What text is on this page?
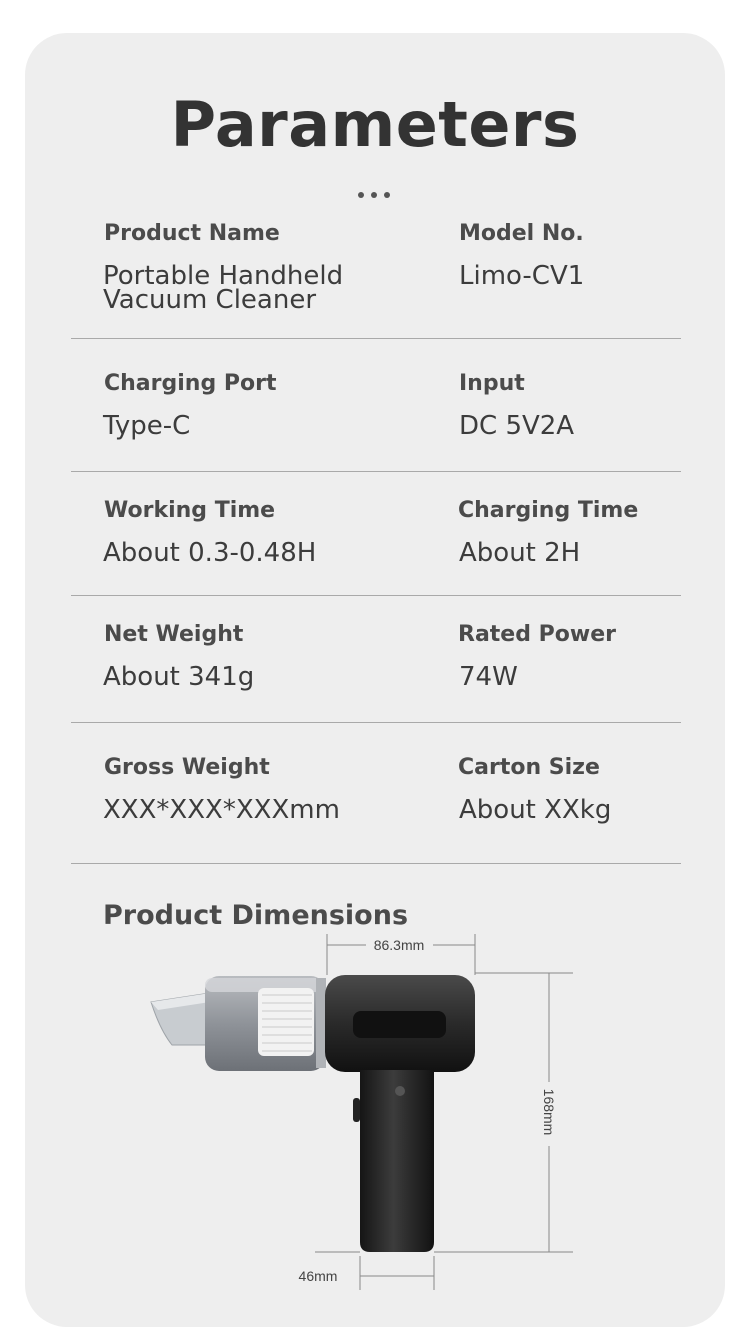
Parameters
Product Name
Portable Handheld
Vacuum Cleaner
Model No.
Limo-CV1
Charging Port
Type-C
Input
DC 5V2A
Working Time
About 0.3-0.48H
Charging Time
About 2H
Net Weight
About 341g
Rated Power
74W
Gross Weight
XXX*XXX*XXXmm
Carton Size
About XXkg
Product Dimensions
86.3mm
168mm
46mm
